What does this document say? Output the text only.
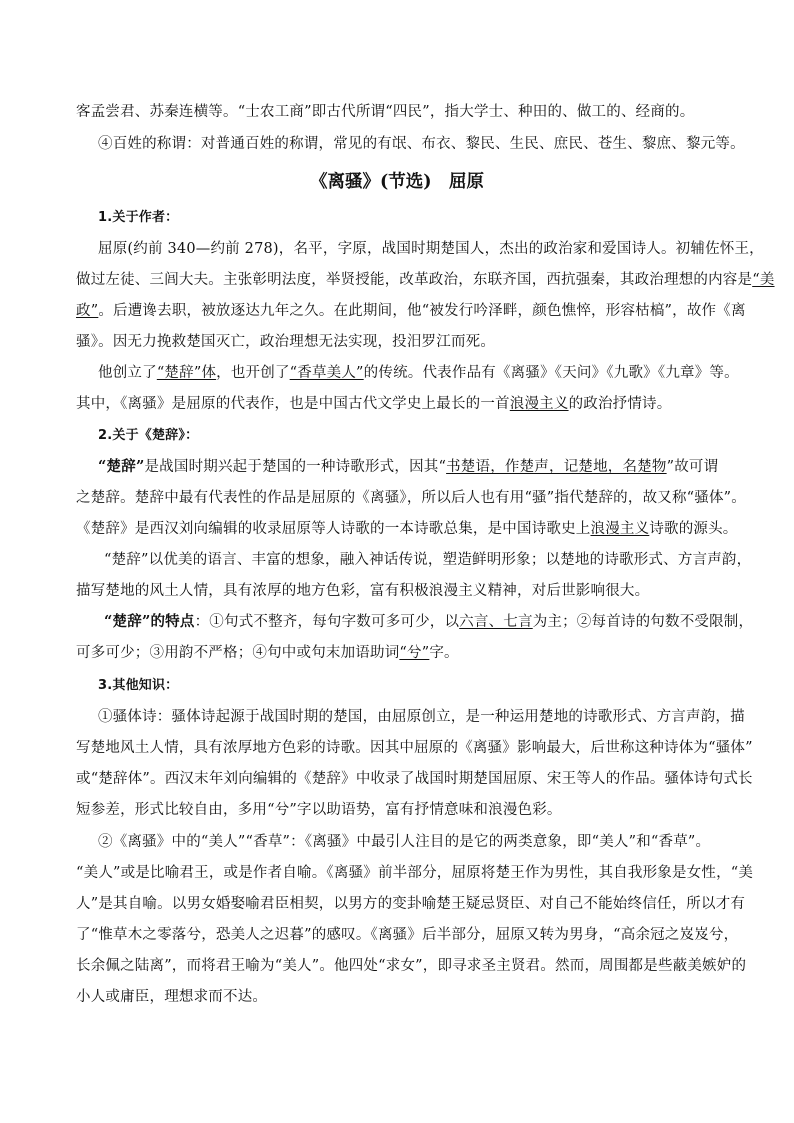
客孟尝君、苏秦连横等。“士农工商”即古代所谓“四民”，指大学士、种田的、做工的、经商的。
④百姓的称谓：对普通百姓的称谓，常见的有氓、布衣、黎民、生民、庶民、苍生、黎庶、黎元等。
《离骚》(节选)　屈原
1.关于作者：
屈原(约前 340—约前 278)，名平，字原，战国时期楚国人，杰出的政治家和爱国诗人。初辅佐怀王，
做过左徒、三闾大夫。主张彰明法度，举贤授能，改革政治，东联齐国，西抗强秦，其政治理想的内容是“美
政”。后遭谗去职，被放逐达九年之久。在此期间，他“被发行吟泽畔，颜色憔悴，形容枯槁”，故作《离
骚》。因无力挽救楚国灭亡，政治理想无法实现，投汨罗江而死。
他创立了“楚辞”体，也开创了“香草美人”的传统。代表作品有《离骚》《天问》《九歌》《九章》等。
其中，《离骚》是屈原的代表作，也是中国古代文学史上最长的一首浪漫主义的政治抒情诗。
2.关于《楚辞》：
“楚辞”是战国时期兴起于楚国的一种诗歌形式，因其“书楚语，作楚声，记楚地，名楚物”故可谓
之楚辞。楚辞中最有代表性的作品是屈原的《离骚》，所以后人也有用“骚”指代楚辞的，故又称“骚体”。
《楚辞》是西汉刘向编辑的收录屈原等人诗歌的一本诗歌总集，是中国诗歌史上浪漫主义诗歌的源头。
“楚辞”以优美的语言、丰富的想象，融入神话传说，塑造鲜明形象；以楚地的诗歌形式、方言声韵，
描写楚地的风土人情，具有浓厚的地方色彩，富有积极浪漫主义精神，对后世影响很大。
“楚辞”的特点：①句式不整齐，每句字数可多可少，以六言、七言为主；②每首诗的句数不受限制，
可多可少；③用韵不严格；④句中或句末加语助词“兮”字。
3.其他知识：
①骚体诗：骚体诗起源于战国时期的楚国，由屈原创立，是一种运用楚地的诗歌形式、方言声韵，描
写楚地风土人情，具有浓厚地方色彩的诗歌。因其中屈原的《离骚》影响最大，后世称这种诗体为“骚体”
或“楚辞体”。西汉末年刘向编辑的《楚辞》中收录了战国时期楚国屈原、宋王等人的作品。骚体诗句式长
短参差，形式比较自由，多用“兮”字以助语势，富有抒情意味和浪漫色彩。
②《离骚》中的“美人”“香草”：《离骚》中最引人注目的是它的两类意象，即“美人”和“香草”。
“美人”或是比喻君王，或是作者自喻。《离骚》前半部分，屈原将楚王作为男性，其自我形象是女性，“美
人”是其自喻。以男女婚娶喻君臣相契，以男方的变卦喻楚王疑忌贤臣、对自己不能始终信任，所以才有
了“惟草木之零落兮，恐美人之迟暮”的感叹。《离骚》后半部分，屈原又转为男身，“高余冠之岌岌兮，
长余佩之陆离”，而将君王喻为“美人”。他四处“求女”，即寻求圣主贤君。然而，周围都是些蔽美嫉妒的
小人或庸臣，理想求而不达。
